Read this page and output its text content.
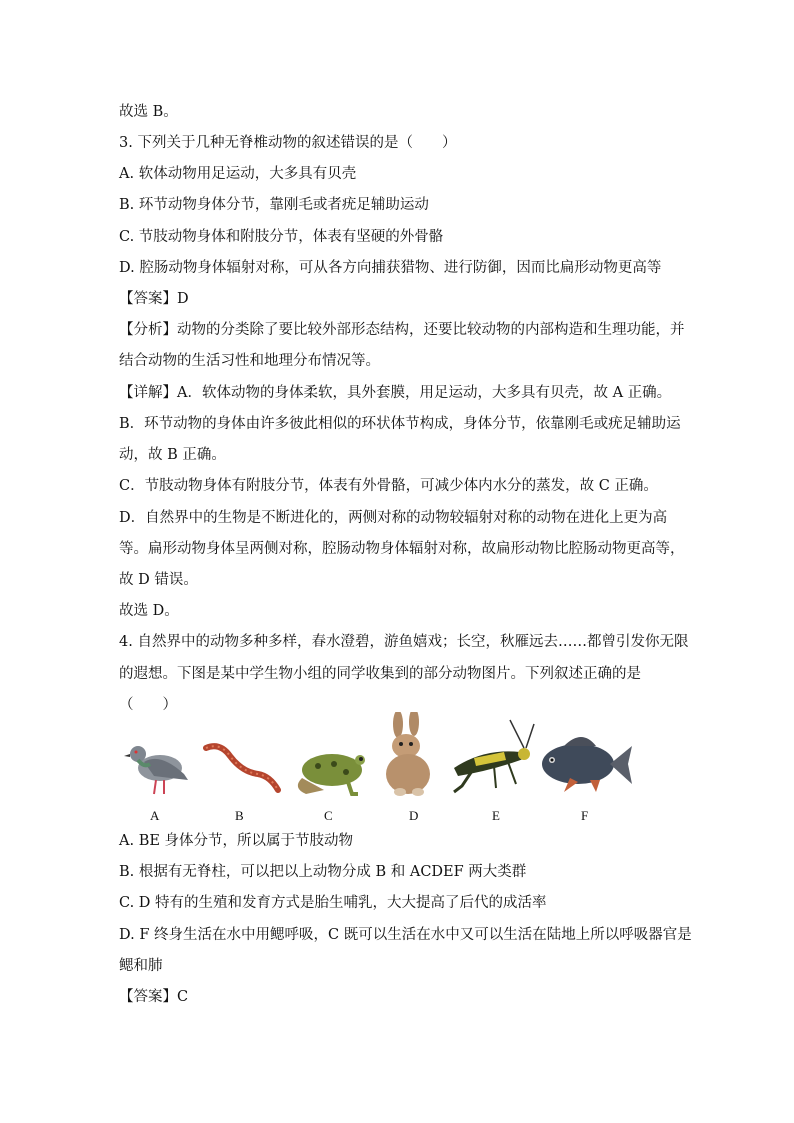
故选 B。
3. 下列关于几种无脊椎动物的叙述错误的是（　　）
A. 软体动物用足运动，大多具有贝壳
B. 环节动物身体分节，靠刚毛或者疣足辅助运动
C. 节肢动物身体和附肢分节，体表有坚硬的外骨骼
D. 腔肠动物身体辐射对称，可从各方向捕获猎物、进行防御，因而比扁形动物更高等
【答案】D
【分析】动物的分类除了要比较外部形态结构，还要比较动物的内部构造和生理功能，并
结合动物的生活习性和地理分布情况等。
【详解】A．软体动物的身体柔软，具外套膜，用足运动，大多具有贝壳，故 A 正确。
B．环节动物的身体由许多彼此相似的环状体节构成，身体分节，依靠刚毛或疣足辅助运
动，故 B 正确。
C．节肢动物身体有附肢分节，体表有外骨骼，可减少体内水分的蒸发，故 C 正确。
D．自然界中的生物是不断进化的，两侧对称的动物较辐射对称的动物在进化上更为高
等。扁形动物身体呈两侧对称，腔肠动物身体辐射对称，故扁形动物比腔肠动物更高等，
故 D 错误。
故选 D。
4. 自然界中的动物多种多样，春水澄碧，游鱼嬉戏；长空，秋雁远去……都曾引发你无限
的遐想。下图是某中学生物小组的同学收集到的部分动物图片。下列叙述正确的是
（　　）
A	B	C	D	E	F
A. BE 身体分节，所以属于节肢动物
B. 根据有无脊柱，可以把以上动物分成 B 和 ACDEF 两大类群
C. D 特有的生殖和发育方式是胎生哺乳，大大提高了后代的成活率
D. F 终身生活在水中用鳃呼吸，C 既可以生活在水中又可以生活在陆地上所以呼吸器官是
鳃和肺
【答案】C
